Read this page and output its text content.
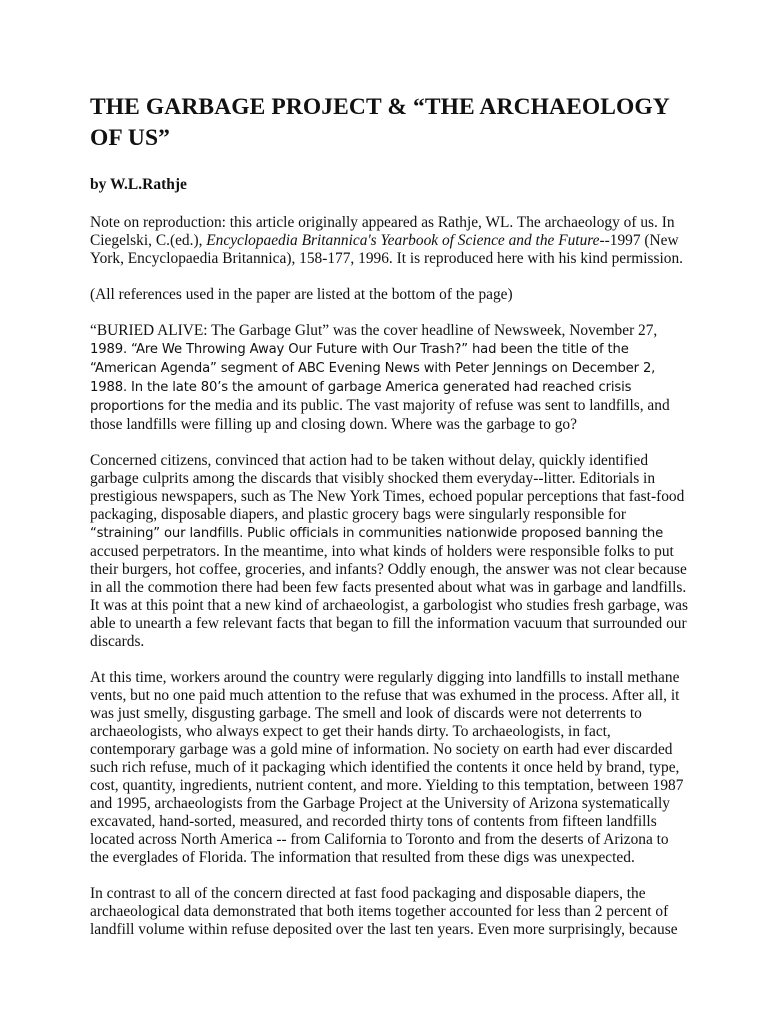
THE GARBAGE PROJECT & “THE ARCHAEOLOGY OF US”
by W.L.Rathje

Note on reproduction: this article originally appeared as Rathje, WL. The archaeology of us. In Ciegelski, C.(ed.), Encyclopaedia Britannica's Yearbook of Science and the Future--1997 (New York, Encyclopaedia Britannica), 158-177, 1996. It is reproduced here with his kind permission.

(All references used in the paper are listed at the bottom of the page)

“BURIED ALIVE: The Garbage Glut” was the cover headline of Newsweek, November 27, 1989. “Are We Throwing Away Our Future with Our Trash?” had been the title of the “American Agenda” segment of ABC Evening News with Peter Jennings on December 2, 1988. In the late 80’s the amount of garbage America generated had reached crisis proportions for the media and its public. The vast majority of refuse was sent to landfills, and those landfills were filling up and closing down. Where was the garbage to go?

Concerned citizens, convinced that action had to be taken without delay, quickly identified garbage culprits among the discards that visibly shocked them everyday--litter. Editorials in prestigious newspapers, such as The New York Times, echoed popular perceptions that fast-food packaging, disposable diapers, and plastic grocery bags were singularly responsible for “straining” our landfills. Public officials in communities nationwide proposed banning the accused perpetrators. In the meantime, into what kinds of holders were responsible folks to put their burgers, hot coffee, groceries, and infants? Oddly enough, the answer was not clear because in all the commotion there had been few facts presented about what was in garbage and landfills. It was at this point that a new kind of archaeologist, a garbologist who studies fresh garbage, was able to unearth a few relevant facts that began to fill the information vacuum that surrounded our discards.

At this time, workers around the country were regularly digging into landfills to install methane vents, but no one paid much attention to the refuse that was exhumed in the process. After all, it was just smelly, disgusting garbage. The smell and look of discards were not deterrents to archaeologists, who always expect to get their hands dirty. To archaeologists, in fact, contemporary garbage was a gold mine of information. No society on earth had ever discarded such rich refuse, much of it packaging which identified the contents it once held by brand, type, cost, quantity, ingredients, nutrient content, and more. Yielding to this temptation, between 1987 and 1995, archaeologists from the Garbage Project at the University of Arizona systematically excavated, hand-sorted, measured, and recorded thirty tons of contents from fifteen landfills located across North America -- from California to Toronto and from the deserts of Arizona to the everglades of Florida. The information that resulted from these digs was unexpected.

In contrast to all of the concern directed at fast food packaging and disposable diapers, the archaeological data demonstrated that both items together accounted for less than 2 percent of landfill volume within refuse deposited over the last ten years. Even more surprisingly, because
